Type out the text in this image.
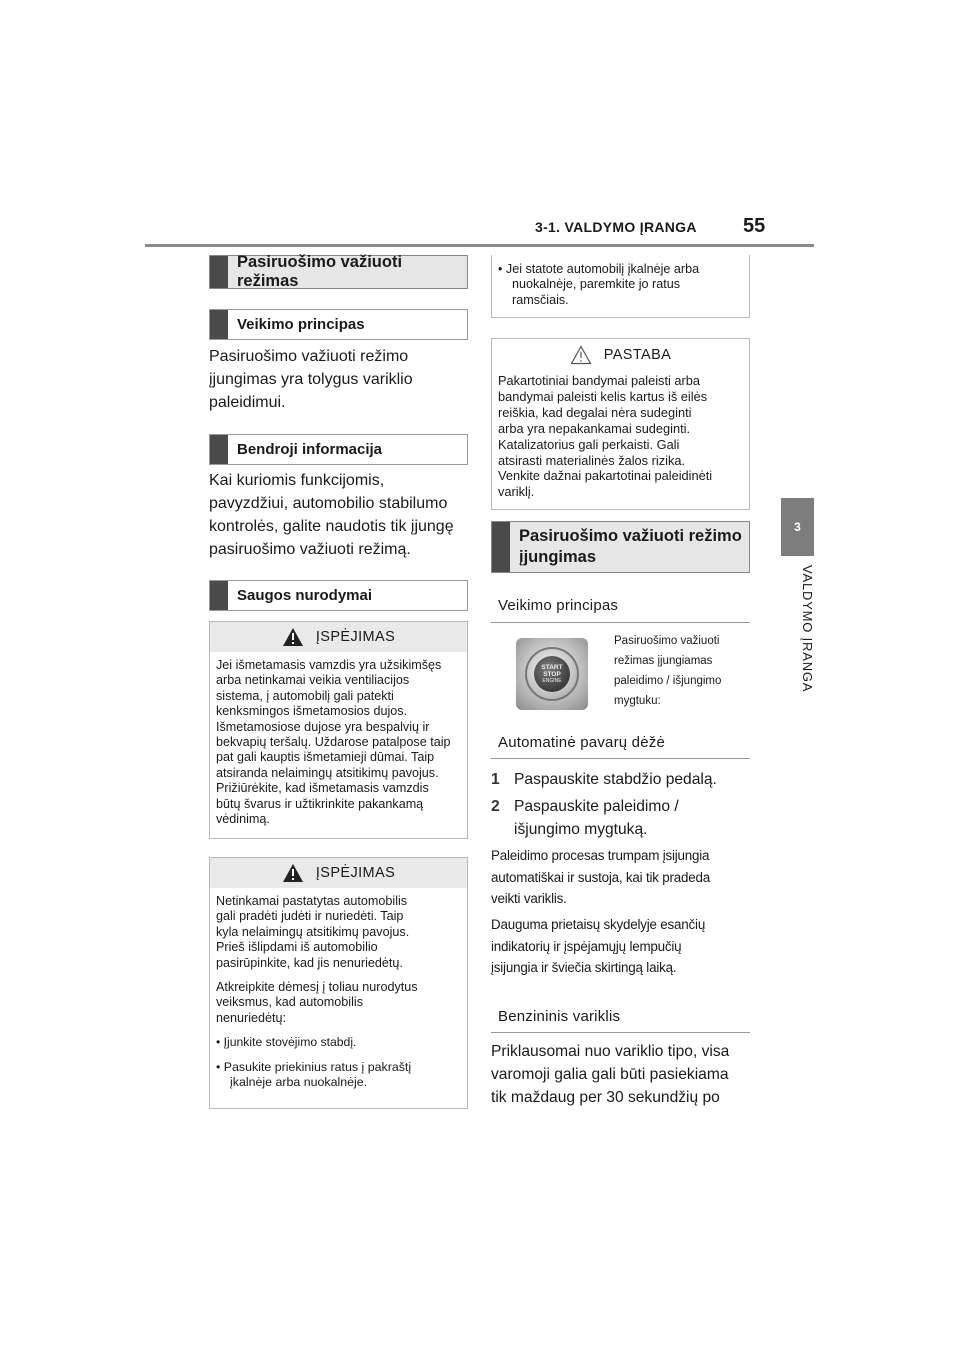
3-1. VALDYMO ĮRANGA 55
3
VALDYMO ĮRANGA
Pasiruošimo važiuoti režimas
Veikimo principas
Pasiruošimo važiuoti režimo
įjungimas yra tolygus variklio
paleidimui.
Bendroji informacija
Kai kuriomis funkcijomis,
pavyzdžiui, automobilio stabilumo
kontrolės, galite naudotis tik įjungę
pasiruošimo važiuoti režimą.
Saugos nurodymai
ĮSPĖJIMAS
Jei išmetamasis vamzdis yra užsikimšęs
arba netinkamai veikia ventiliacijos
sistema, į automobilį gali patekti
kenksmingos išmetamosios dujos.
Išmetamosiose dujose yra bespalvių ir
bekvapių teršalų. Uždarose patalpose taip
pat gali kauptis išmetamieji dūmai. Taip
atsiranda nelaimingų atsitikimų pavojus.
Prižiūrėkite, kad išmetamasis vamzdis
būtų švarus ir užtikrinkite pakankamą
vėdinimą.
ĮSPĖJIMAS

Netinkamai pastatytas automobilis
gali pradėti judėti ir nuriedėti. Taip
kyla nelaimingų atsitikimų pavojus.
Prieš išlipdami iš automobilio
pasirūpinkite, kad jis nenuriedėtų.

Atkreipkite dėmesį į toliau nurodytus
veiksmus, kad automobilis
nenuriedėtų:

• Įjunkite stovėjimo stabdį.

• Pasukite priekinius ratus į pakraštį
įkalnėje arba nuokalnėje.

• Jei statote automobilį įkalnėje arba
nuokalnėje, paremkite jo ratus
ramsčiais.
PASTABA
Pakartotiniai bandymai paleisti arba
bandymai paleisti kelis kartus iš eilės
reiškia, kad degalai nėra sudeginti
arba yra nepakankamai sudeginti.
Katalizatorius gali perkaisti. Gali
atsirasti materialinės žalos rizika.
Venkite dažnai pakartotinai paleidinėti
variklį.
Pasiruošimo važiuoti režimo
įjungimas
Veikimo principas
START
STOP
ENGINE
Pasiruošimo važiuoti
režimas įjungiamas
paleidimo / išjungimo
mygtuku:
Automatinė pavarų dėžė
1 Paspauskite stabdžio pedalą.
2 Paspauskite paleidimo /
išjungimo mygtuką.
Paleidimo procesas trumpam įsijungia
automatiškai ir sustoja, kai tik pradeda
veikti variklis.
Dauguma prietaisų skydelyje esančių
indikatorių ir įspėjamųjų lempučių
įsijungia ir šviečia skirtingą laiką.
Benzininis variklis
Priklausomai nuo variklio tipo, visa
varomoji galia gali būti pasiekiama
tik maždaug per 30 sekundžių po
